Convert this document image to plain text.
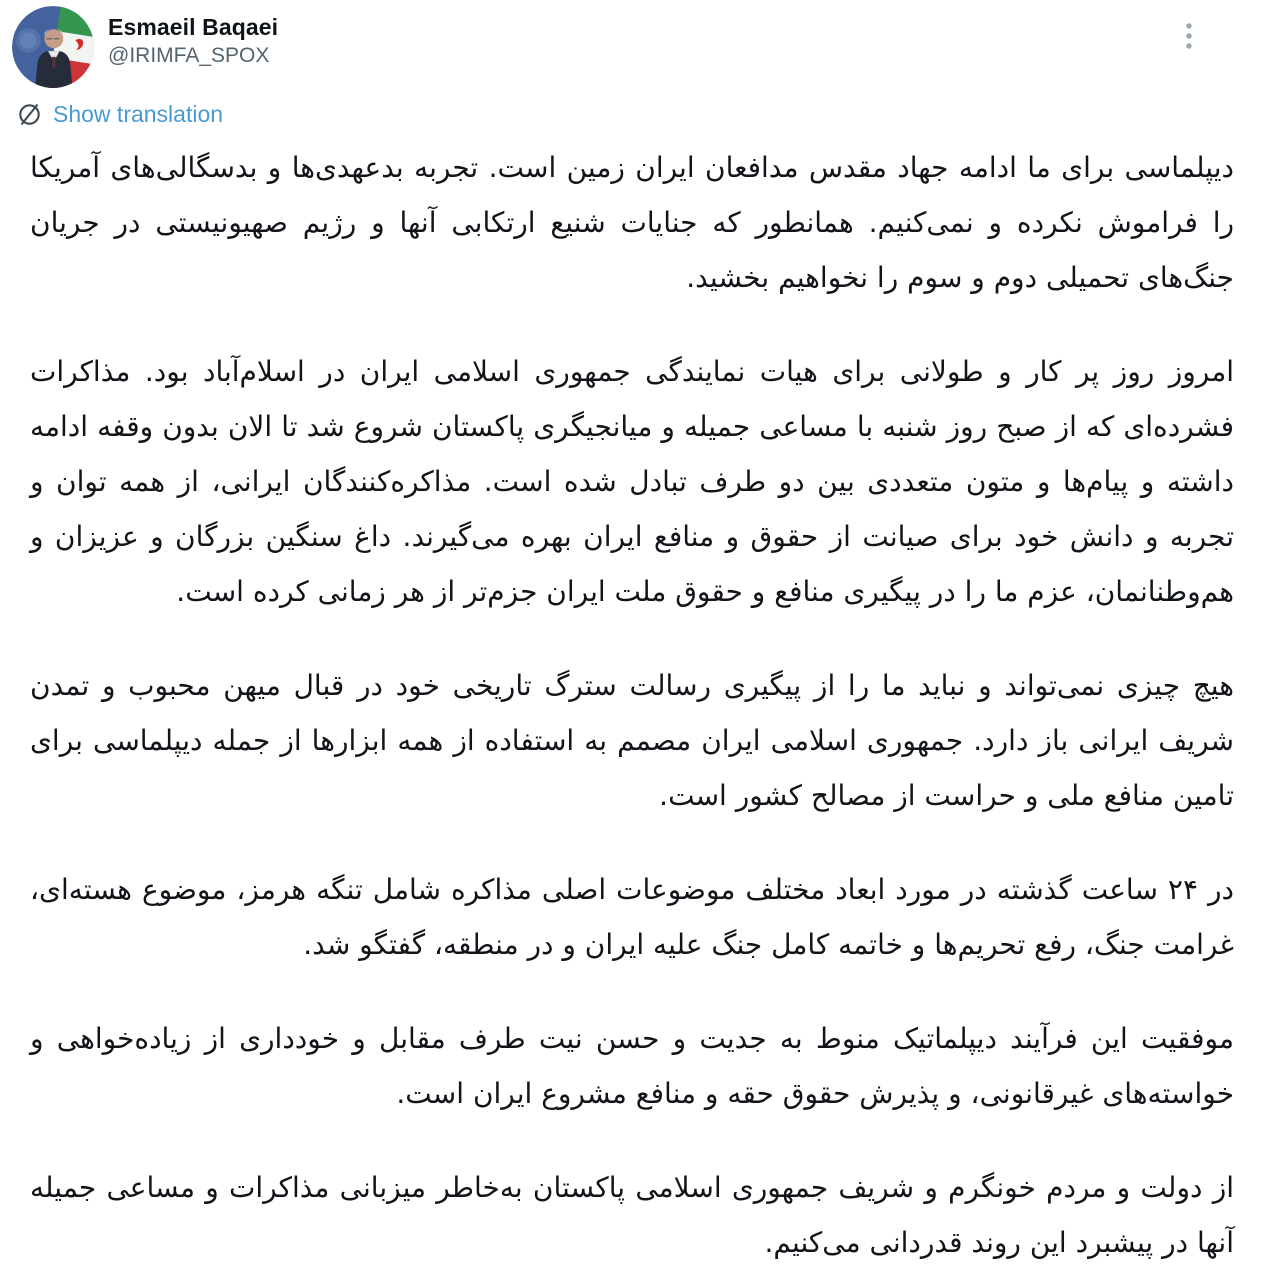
Esmaeil Baqaei
@IRIMFA_SPOX
Show translation

دیپلماسی برای ما ادامه جهاد مقدس مدافعان ایران زمین است. تجربه بدعهدی‌ها و بدسگالی‌های آمریکا را فراموش نکرده و نمی‌کنیم. همانطور که جنایات شنیع ارتکابی آنها و رژیم صهیونیستی در جریان جنگ‌های تحمیلی دوم و سوم را نخواهیم بخشید.

امروز روز پر کار و طولانی برای هیات نمایندگی جمهوری اسلامی ایران در اسلام‌آباد بود. مذاکرات فشرده‌ای که از صبح روز شنبه با مساعی جمیله و میانجیگری پاکستان شروع شد تا الان بدون وقفه ادامه داشته و پیام‌ها و متون متعددی بین دو طرف تبادل شده است. مذاکره‌کنندگان ایرانی، از همه توان و تجربه و دانش خود برای صیانت از حقوق و منافع ایران بهره می‌گیرند. داغ سنگین بزرگان و عزیزان و هم‌وطنانمان، عزم ما را در پیگیری منافع و حقوق ملت ایران جزم‌تر از هر زمانی کرده است.

هیچ چیزی نمی‌تواند و نباید ما را از پیگیری رسالت سترگ تاریخی خود در قبال میهن محبوب و تمدن شریف ایرانی باز دارد. جمهوری اسلامی ایران مصمم به استفاده از همه ابزارها از جمله دیپلماسی برای تامین منافع ملی و حراست از مصالح کشور است.

در ۲۴ ساعت گذشته در مورد ابعاد مختلف موضوعات اصلی مذاکره شامل تنگه هرمز، موضوع هسته‌ای، غرامت جنگ، رفع تحریم‌ها و خاتمه کامل جنگ علیه ایران و در منطقه، گفتگو شد.

موفقیت این فرآیند دیپلماتیک منوط به جدیت و حسن نیت طرف مقابل و خودداری از زیاده‌خواهی و خواسته‌های غیرقانونی، و پذیرش حقوق حقه و منافع مشروع ایران است.

از دولت و مردم خونگرم و شریف جمهوری اسلامی پاکستان به‌خاطر میزبانی مذاکرات و مساعی جمیله آنها در پیشبرد این روند قدردانی می‌کنیم.
